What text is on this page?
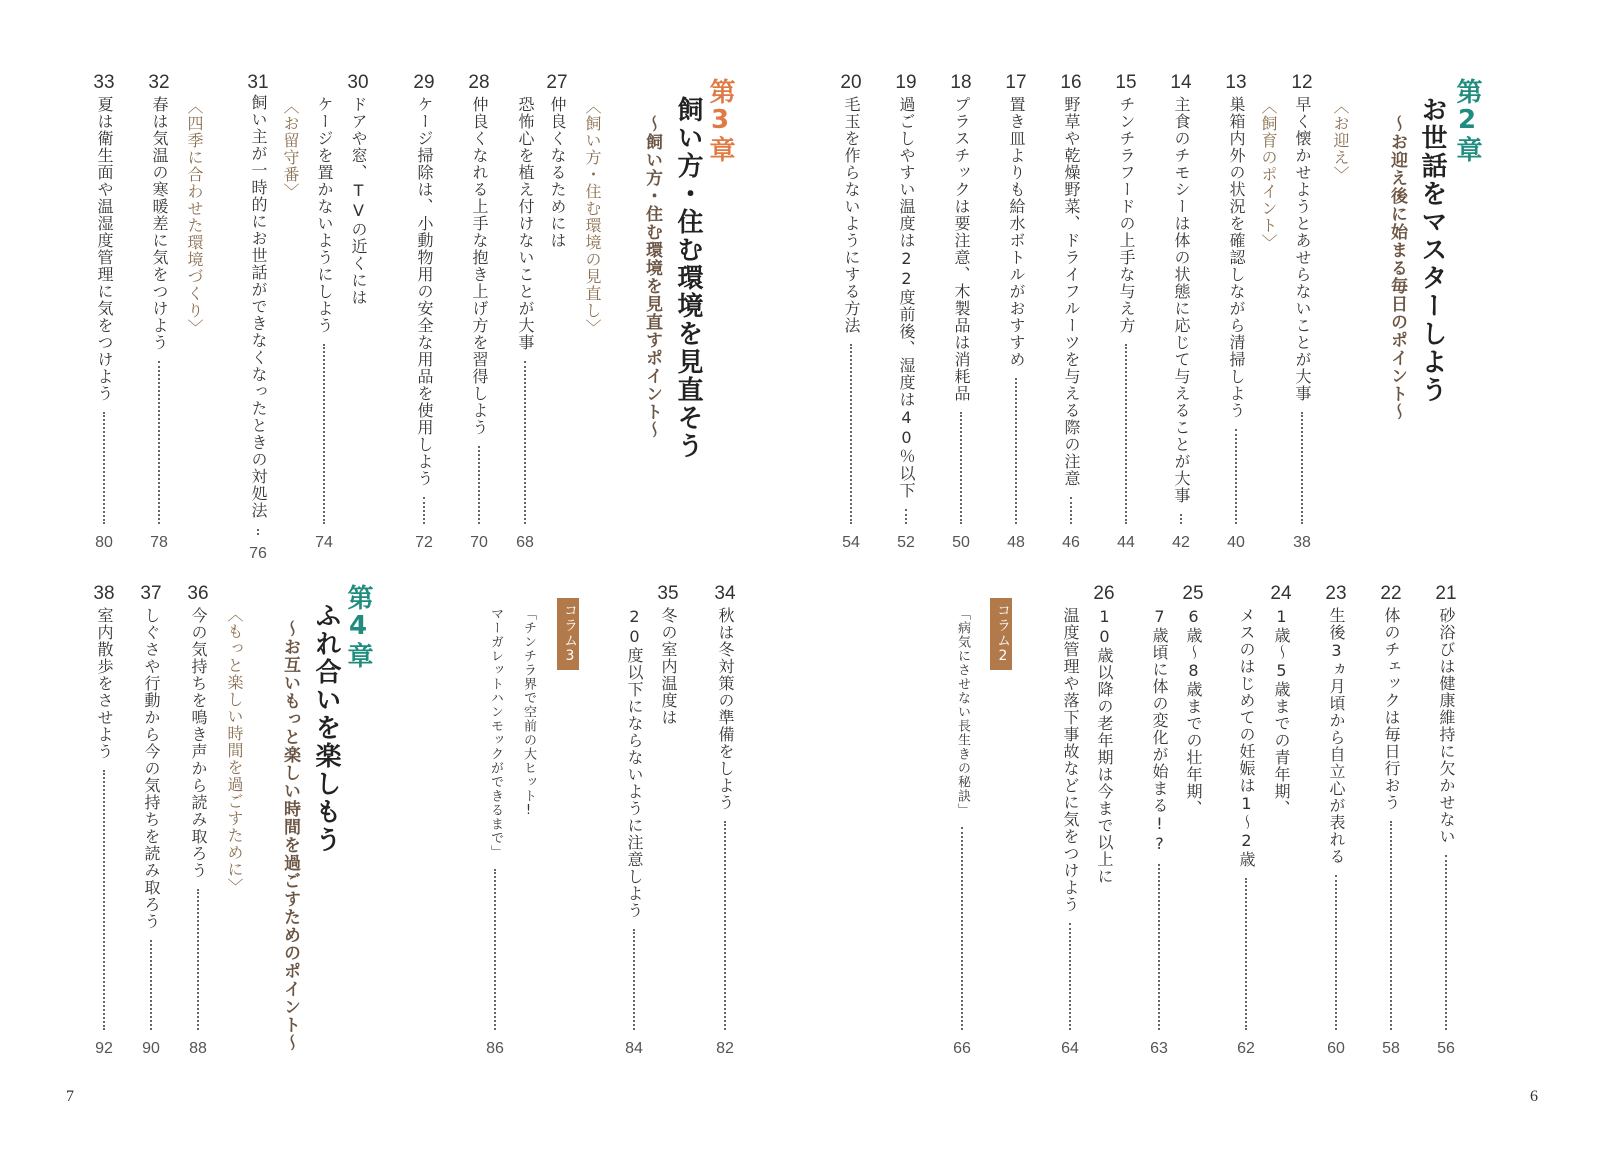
第2章
お世話をマスターしよう
～お迎え後に始まる毎日のポイント～
〈お迎え〉
12
早く懐かせようとあせらないことが大事
38
〈飼育のポイント〉
13
巣箱内外の状況を確認しながら清掃しよう
40
14
主食のチモシーは体の状態に応じて与えることが大事
42
15
チンチラフードの上手な与え方
44
16
野草や乾燥野菜、ドライフルーツを与える際の注意
46
17
置き皿よりも給水ボトルがおすすめ
48
18
プラスチックは要注意、木製品は消耗品
50
19
過ごしやすい温度は22度前後、湿度は40％以下
52
20
毛玉を作らないようにする方法
54
21
砂浴びは健康維持に欠かせない
56
22
体のチェックは毎日行おう
58
23
生後3ヵ月頃から自立心が表れる
60
24
1歳～5歳までの青年期、
メスのはじめての妊娠は1～2歳
62
25
6歳～8歳までの壮年期、
7歳頃に体の変化が始まる!?
63
26
10歳以降の老年期は今まで以上に
温度管理や落下事故などに気をつけよう
64
コラム2
「病気にさせない長生きの秘訣」
66
6
第3章
飼い方・住む環境を見直そう
～飼い方・住む環境を見直すポイント～
〈飼い方・住む環境の見直し〉
27
仲良くなるためには
恐怖心を植え付けないことが大事
68
28
仲良くなれる上手な抱き上げ方を習得しよう
70
29
ケージ掃除は、小動物用の安全な用品を使用しよう
72
30
ドアや窓、TVの近くには
ケージを置かないようにしよう
74
〈お留守番〉
31
飼い主が一時的にお世話ができなくなったときの対処法
76
〈四季に合わせた環境づくり〉
32
春は気温の寒暖差に気をつけよう
78
33
夏は衛生面や温湿度管理に気をつけよう
80
34
秋は冬対策の準備をしよう
82
35
冬の室内温度は
20度以下にならないように注意しよう
84
コラム3
「チンチラ界で空前の大ヒット!
マーガレットハンモックができるまで」
86
第4章
ふれ合いを楽しもう
～お互いもっと楽しい時間を過ごすためのポイント～
〈もっと楽しい時間を過ごすために〉
36
今の気持ちを鳴き声から読み取ろう
88
37
しぐさや行動から今の気持ちを読み取ろう
90
38
室内散歩をさせよう
92
7
